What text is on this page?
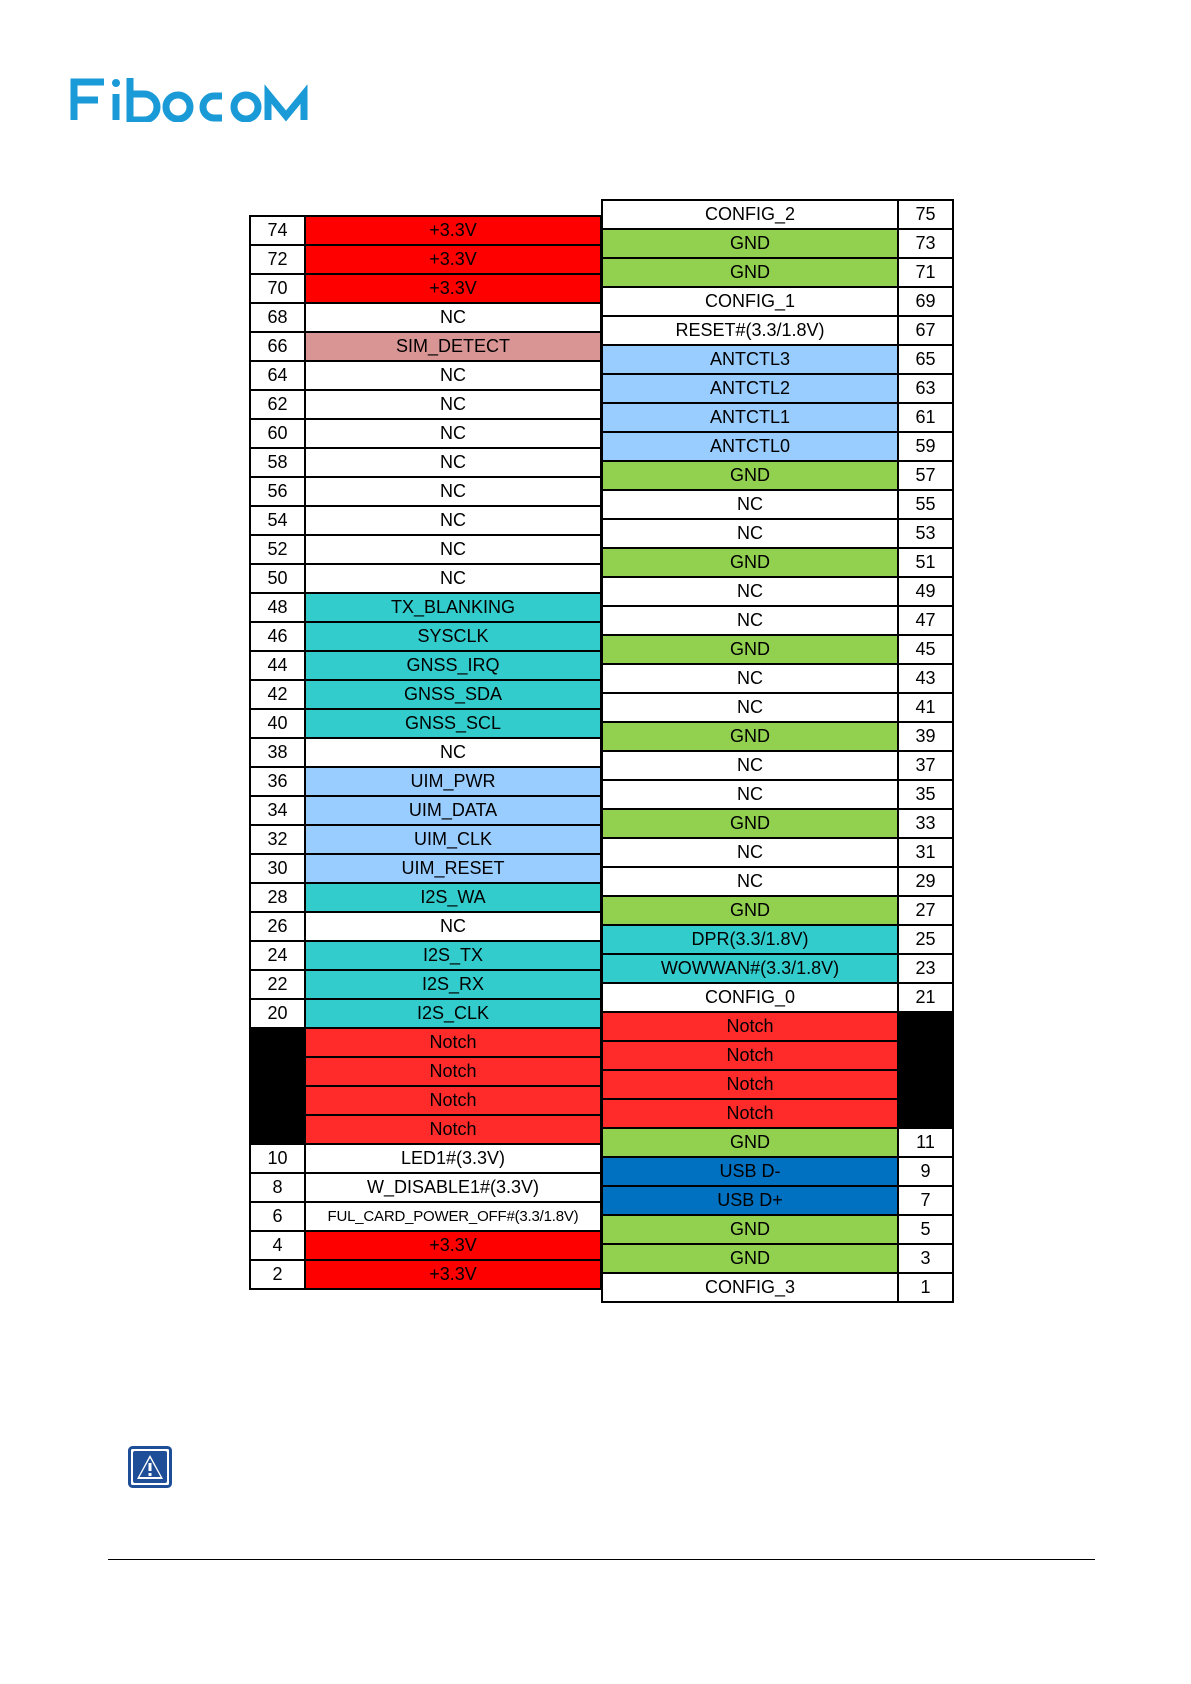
74	+3.3V
72	+3.3V
70	+3.3V
68	NC
66	SIM_DETECT
64	NC
62	NC
60	NC
58	NC
56	NC
54	NC
52	NC
50	NC
48	TX_BLANKING
46	SYSCLK
44	GNSS_IRQ
42	GNSS_SDA
40	GNSS_SCL
38	NC
36	UIM_PWR
34	UIM_DATA
32	UIM_CLK
30	UIM_RESET
28	I2S_WA
26	NC
24	I2S_TX
22	I2S_RX
20	I2S_CLK
	Notch
	Notch
	Notch
	Notch
10	LED1#(3.3V)
8	W_DISABLE1#(3.3V)
6	FUL_CARD_POWER_OFF#(3.3/1.8V)
4	+3.3V
2	+3.3V
CONFIG_2	75
GND	73
GND	71
CONFIG_1	69
RESET#(3.3/1.8V)	67
ANTCTL3	65
ANTCTL2	63
ANTCTL1	61
ANTCTL0	59
GND	57
NC	55
NC	53
GND	51
NC	49
NC	47
GND	45
NC	43
NC	41
GND	39
NC	37
NC	35
GND	33
NC	31
NC	29
GND	27
DPR(3.3/1.8V)	25
WOWWAN#(3.3/1.8V)	23
CONFIG_0	21
Notch	
Notch	
Notch	
Notch	
GND	11
USB D-	9
USB D+	7
GND	5
GND	3
CONFIG_3	1
